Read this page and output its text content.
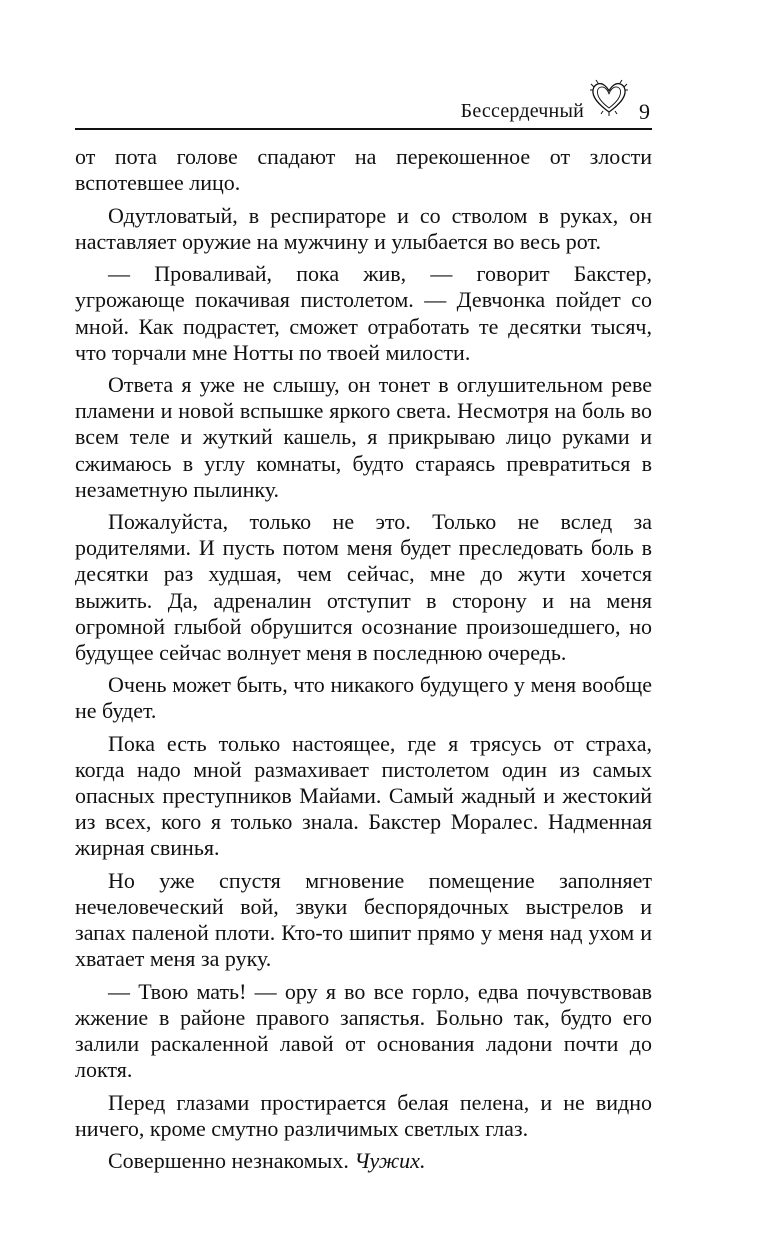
Бессердечный	9

от пота голове спадают на перекошенное от злости вспотевшее лицо.

Одутловатый, в респираторе и со стволом в руках, он наставляет оружие на мужчину и улыбается во весь рот.

— Проваливай, пока жив, — говорит Бакстер, угрожающе покачивая пистолетом. — Девчонка пойдет со мной. Как подрастет, сможет отработать те десятки тысяч, что торчали мне Нотты по твоей милости.

Ответа я уже не слышу, он тонет в оглушительном реве пламени и новой вспышке яркого света. Несмотря на боль во всем теле и жуткий кашель, я прикрываю лицо руками и сжимаюсь в углу комнаты, будто стараясь превратиться в незаметную пылинку.

Пожалуйста, только не это. Только не вслед за родителями. И пусть потом меня будет преследовать боль в десятки раз худшая, чем сейчас, мне до жути хочется выжить. Да, адреналин отступит в сторону и на меня огромной глыбой обрушится осознание произошедшего, но будущее сейчас волнует меня в последнюю очередь.

Очень может быть, что никакого будущего у меня вообще не будет.

Пока есть только настоящее, где я трясусь от страха, когда надо мной размахивает пистолетом один из самых опасных преступников Майами. Самый жадный и жестокий из всех, кого я только знала. Бакстер Моралес. Надменная жирная свинья.

Но уже спустя мгновение помещение заполняет нечеловеческий вой, звуки беспорядочных выстрелов и запах паленой плоти. Кто-то шипит прямо у меня над ухом и хватает меня за руку.

— Твою мать! — ору я во все горло, едва почувствовав жжение в районе правого запястья. Больно так, будто его залили раскаленной лавой от основания ладони почти до локтя.

Перед глазами простирается белая пелена, и не видно ничего, кроме смутно различимых светлых глаз.

Совершенно незнакомых. Чужих.
